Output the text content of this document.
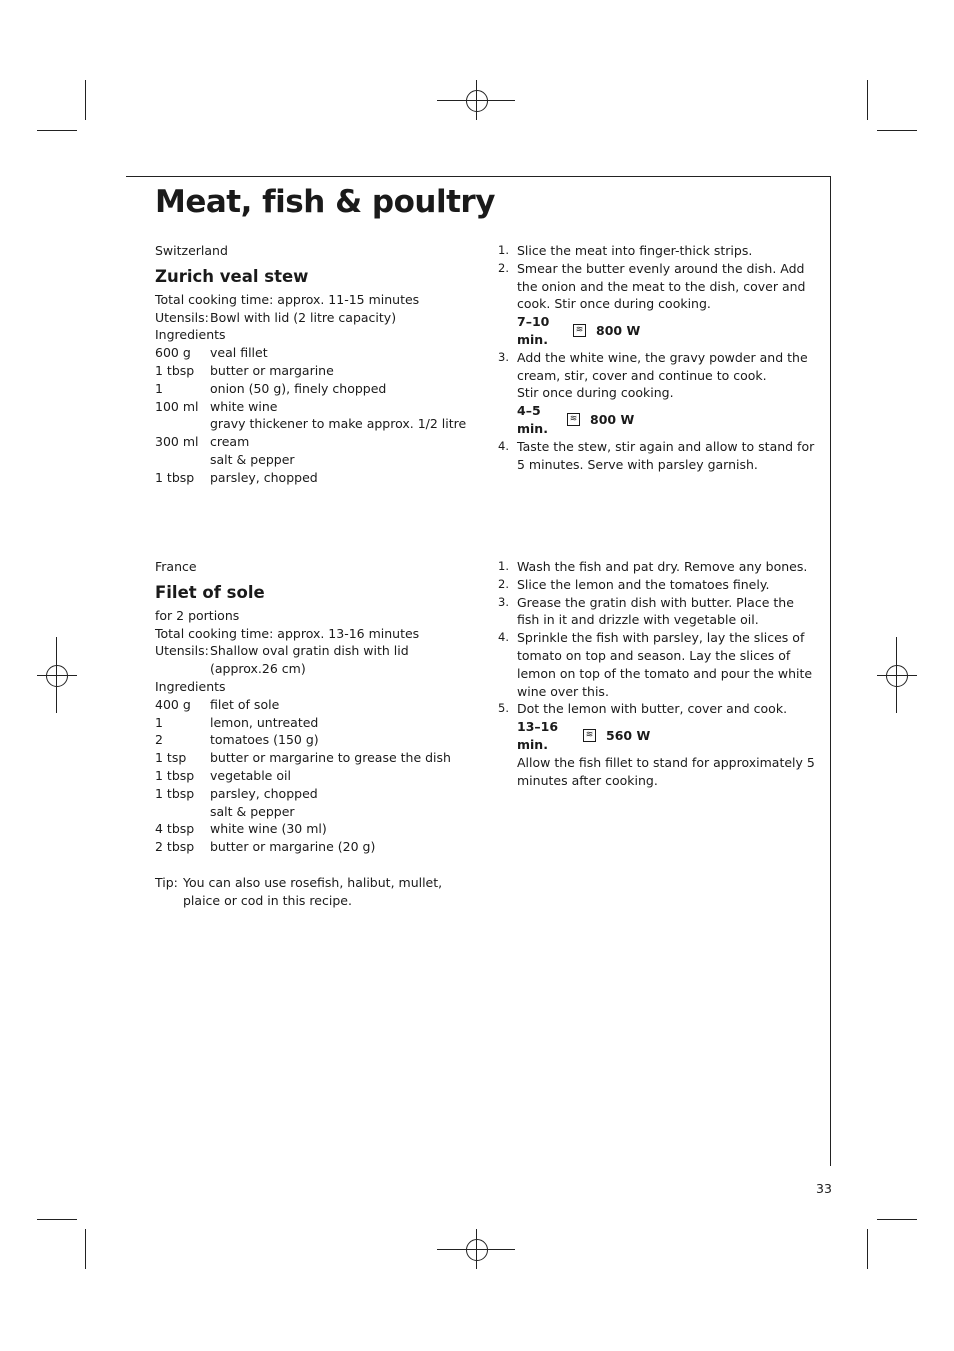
Meat, fish & poultry

Switzerland

Zurich veal stew

Total cooking time: approx. 11-15 minutes

Utensils: Bowl with lid (2 litre capacity)

Ingredients

600 g	veal fillet
1 tbsp	butter or margarine
1	onion (50 g), finely chopped
100 ml	white wine
	gravy thickener to make approx. 1/2 litre
300 ml	cream
	salt & pepper
1 tbsp	parsley, chopped
1. Slice the meat into finger-thick strips.
2. Smear the butter evenly around the dish. Add the onion and the meat to the dish, cover and cook. Stir once during cooking.
7–10 min.
≋ 800 W
3. Add the white wine, the gravy powder and the cream, stir, cover and continue to cook.
Stir once during cooking.
4–5 min.
≋ 800 W
4. Taste the stew, stir again and allow to stand for 5 minutes. Serve with parsley garnish.

France

Filet of sole

for 2 portions

Total cooking time: approx. 13-16 minutes

Utensils: Shallow oval gratin dish with lid
(approx.26 cm)

Ingredients

400 g	filet of sole
1	lemon, untreated
2	tomatoes (150 g)
1 tsp	butter or margarine to grease the dish
1 tbsp	vegetable oil
1 tbsp	parsley, chopped
	salt & pepper
4 tbsp	white wine (30 ml)
2 tbsp	butter or margarine (20 g)
Tip: You can also use rosefish, halibut, mullet, plaice or cod in this recipe.
1. Wash the fish and pat dry. Remove any bones.
2. Slice the lemon and the tomatoes finely.
3. Grease the gratin dish with butter. Place the fish in it and drizzle with vegetable oil.
4. Sprinkle the fish with parsley, lay the slices of tomato on top and season. Lay the slices of lemon on top of the tomato and pour the white wine over this.
5. Dot the lemon with butter, cover and cook.
13–16 min.
≋ 560 W
Allow the fish fillet to stand for approximately 5 minutes after cooking.
33
